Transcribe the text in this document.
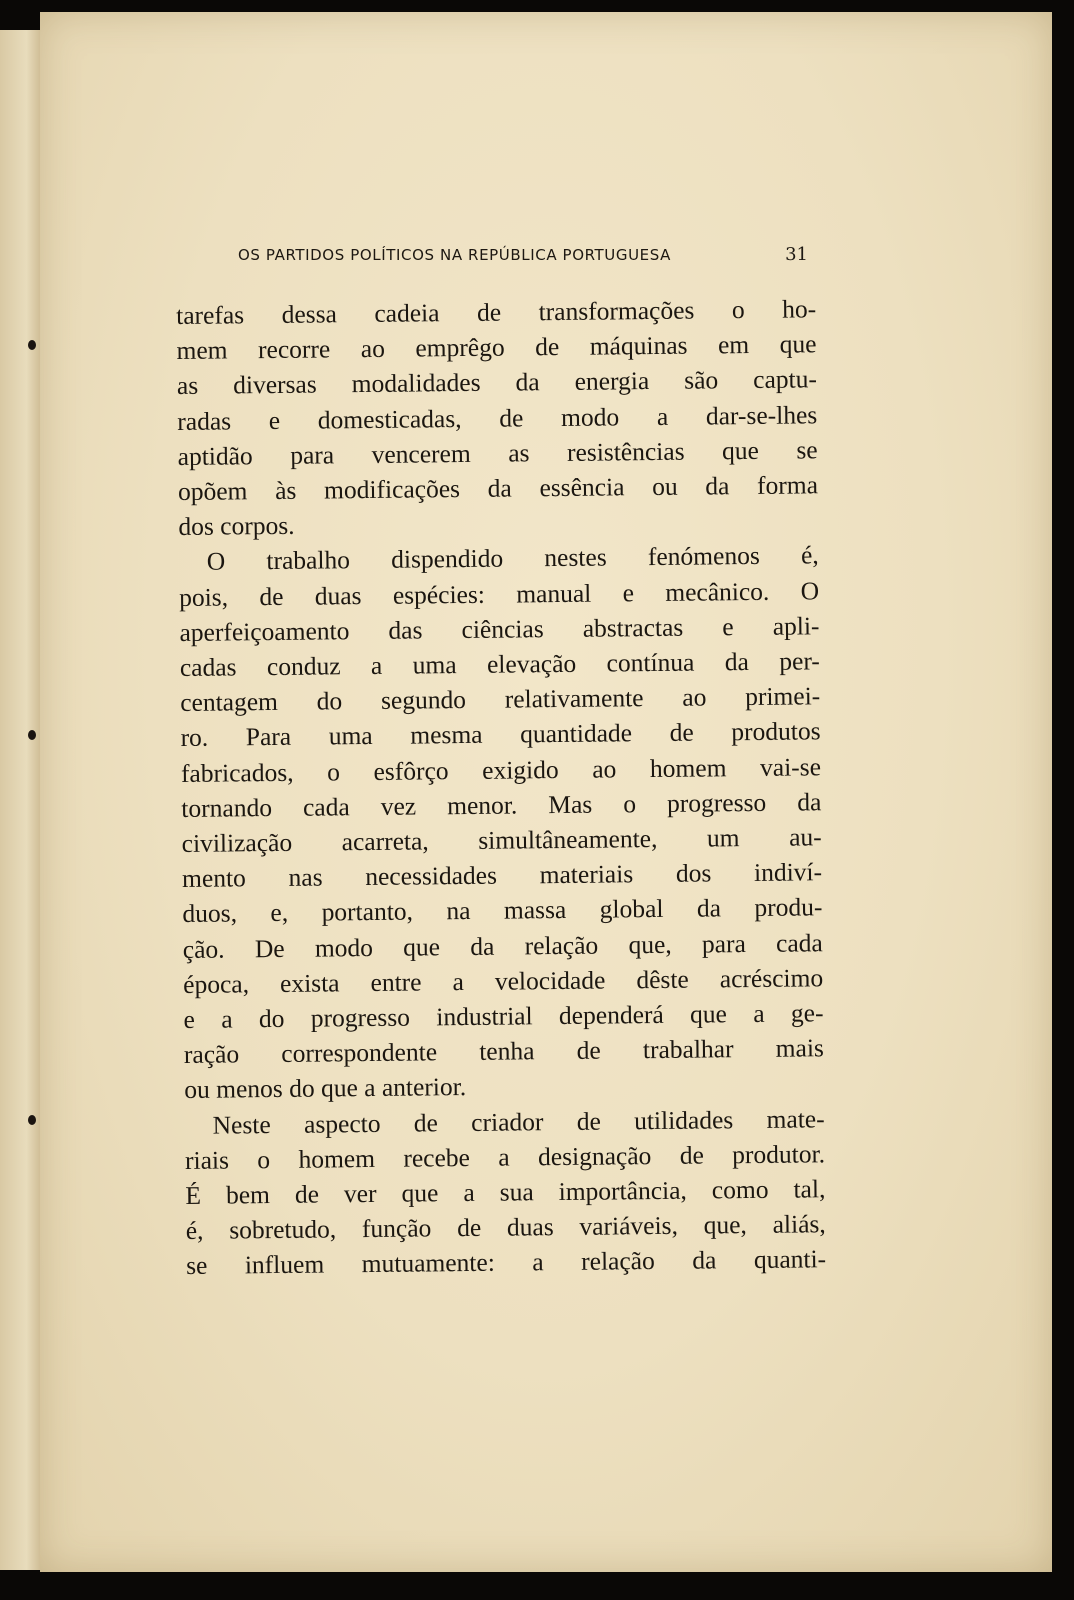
OS PARTIDOS POLÍTICOS NA REPÚBLICA PORTUGUESA	31
tarefas dessa cadeia de transformações o ho-
mem recorre ao emprêgo de máquinas em que
as diversas modalidades da energia são captu-
radas e domesticadas, de modo a dar-se-lhes
aptidão para vencerem as resistências que se
opõem às modificações da essência ou da forma
dos corpos.
O trabalho dispendido nestes fenómenos é,
pois, de duas espécies: manual e mecânico. O
aperfeiçoamento das ciências abstractas e apli-
cadas conduz a uma elevação contínua da per-
centagem do segundo relativamente ao primei-
ro. Para uma mesma quantidade de produtos
fabricados, o esfôrço exigido ao homem vai-se
tornando cada vez menor. Mas o progresso da
civilização acarreta, simultâneamente, um au-
mento nas necessidades materiais dos indiví-
duos, e, portanto, na massa global da produ-
ção. De modo que da relação que, para cada
época, exista entre a velocidade dêste acréscimo
e a do progresso industrial dependerá que a ge-
ração correspondente tenha de trabalhar mais
ou menos do que a anterior.
Neste aspecto de criador de utilidades mate-
riais o homem recebe a designação de produtor.
É bem de ver que a sua importância, como tal,
é, sobretudo, função de duas variáveis, que, aliás,
se influem mutuamente: a relação da quanti-
